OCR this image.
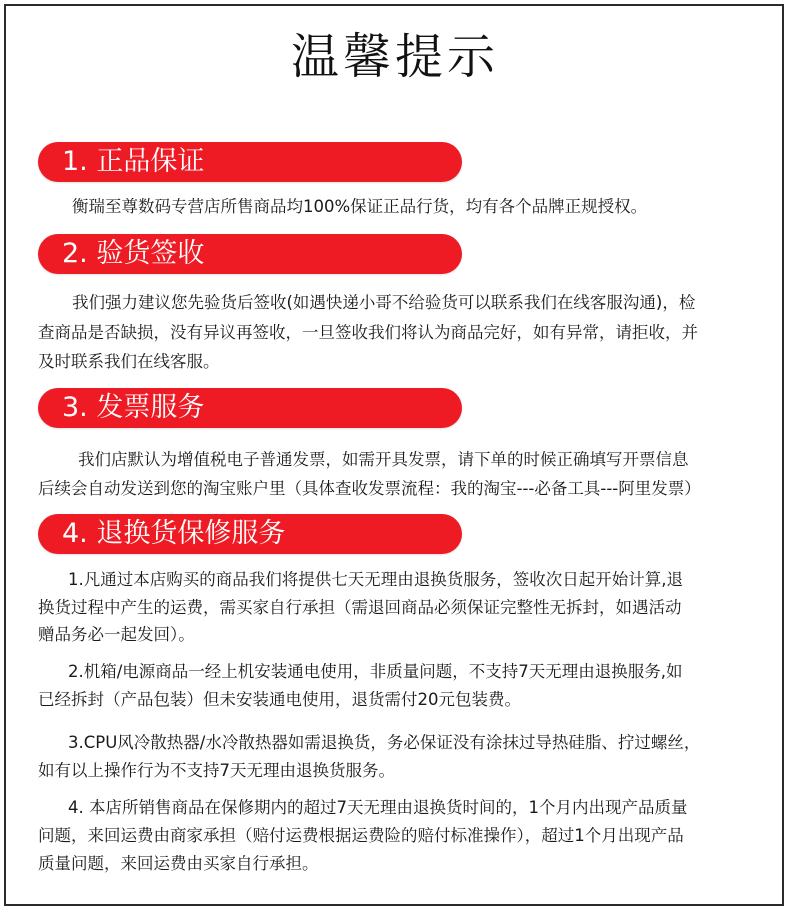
温馨提示
1. 正品保证
衡瑞至尊数码专营店所售商品均100%保证正品行货，均有各个品牌正规授权。
2. 验货签收
我们强力建议您先验货后签收(如遇快递小哥不给验货可以联系我们在线客服沟通)，检
查商品是否缺损，没有异议再签收，一旦签收我们将认为商品完好，如有异常，请拒收，并
及时联系我们在线客服。
3. 发票服务
我们店默认为增值税电子普通发票，如需开具发票，请下单的时候正确填写开票信息
后续会自动发送到您的淘宝账户里（具体查收发票流程：我的淘宝---必备工具---阿里发票）
4. 退换货保修服务
1.凡通过本店购买的商品我们将提供七天无理由退换货服务，签收次日起开始计算,退
换货过程中产生的运费，需买家自行承担（需退回商品必须保证完整性无拆封，如遇活动
赠品务必一起发回）。
2.机箱/电源商品一经上机安装通电使用，非质量问题，不支持7天无理由退换服务,如
已经拆封（产品包装）但未安装通电使用，退货需付20元包装费。
3.CPU风冷散热器/水冷散热器如需退换货，务必保证没有涂抹过导热硅脂、拧过螺丝，
如有以上操作行为不支持7天无理由退换货服务。
4. 本店所销售商品在保修期内的超过7天无理由退换货时间的，1个月内出现产品质量
问题，来回运费由商家承担（赔付运费根据运费险的赔付标准操作），超过1个月出现产品
质量问题，来回运费由买家自行承担。
